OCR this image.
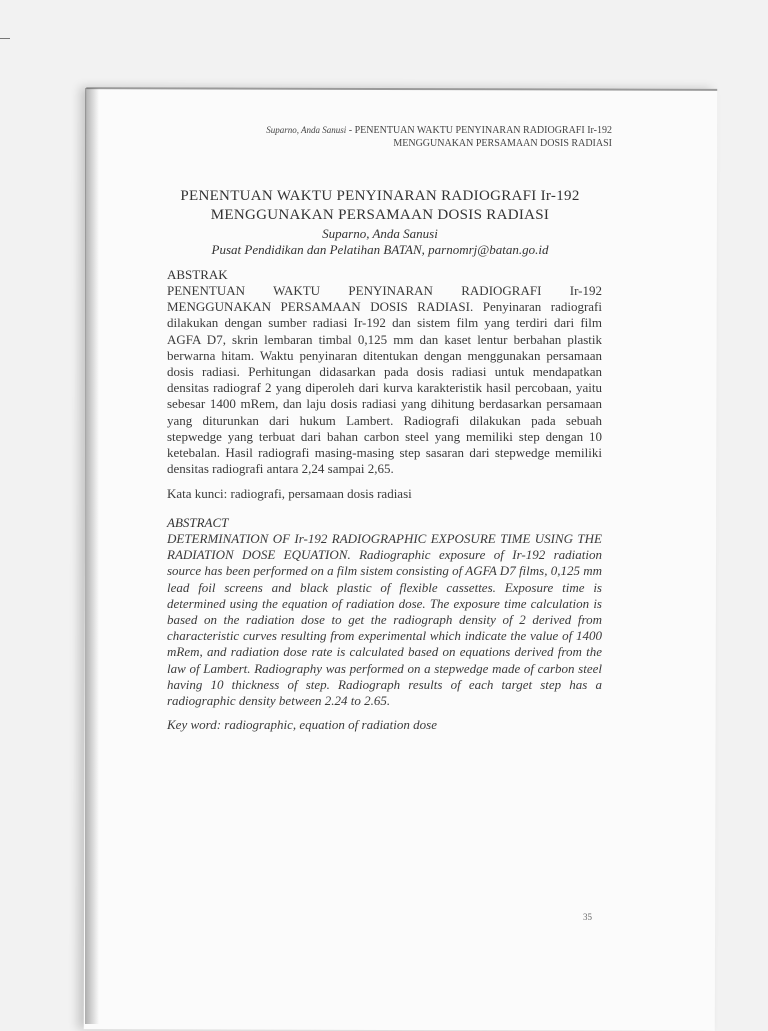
Suparno, Anda Sanusi - PENENTUAN WAKTU PENYINARAN RADIOGRAFI Ir-192
MENGGUNAKAN PERSAMAAN DOSIS RADIASI
PENENTUAN WAKTU PENYINARAN RADIOGRAFI Ir-192
MENGGUNAKAN PERSAMAAN DOSIS RADIASI
Suparno, Anda Sanusi
Pusat Pendidikan dan Pelatihan BATAN, parnomrj@batan.go.id
ABSTRAK
PENENTUAN WAKTU PENYINARAN RADIOGRAFI Ir-192 MENGGUNAKAN PERSAMAAN DOSIS RADIASI. Penyinaran radiografi dilakukan dengan sumber radiasi Ir-192 dan sistem film yang terdiri dari film AGFA D7, skrin lembaran timbal 0,125 mm dan kaset lentur berbahan plastik berwarna hitam. Waktu penyinaran ditentukan dengan menggunakan persamaan dosis radiasi. Perhitungan didasarkan pada dosis radiasi untuk mendapatkan densitas radiograf 2 yang diperoleh dari kurva karakteristik hasil percobaan, yaitu sebesar 1400 mRem, dan laju dosis radiasi yang dihitung berdasarkan persamaan yang diturunkan dari hukum Lambert. Radiografi dilakukan pada sebuah stepwedge yang terbuat dari bahan carbon steel yang memiliki step dengan 10 ketebalan. Hasil radiografi masing-masing step sasaran dari stepwedge memiliki densitas radiografi antara 2,24 sampai 2,65.
Kata kunci: radiografi, persamaan dosis radiasi
ABSTRACT
DETERMINATION OF Ir-192 RADIOGRAPHIC EXPOSURE TIME USING THE RADIATION DOSE EQUATION. Radiographic exposure of Ir-192 radiation source has been performed on a film sistem consisting of AGFA D7 films, 0,125 mm lead foil screens and black plastic of flexible cassettes. Exposure time is determined using the equation of radiation dose. The exposure time calculation is based on the radiation dose to get the radiograph density of 2 derived from characteristic curves resulting from experimental which indicate the value of 1400 mRem, and radiation dose rate is calculated based on equations derived from the law of Lambert. Radiography was performed on a stepwedge made of carbon steel having 10 thickness of step. Radiograph results of each target step has a radiographic density between 2.24 to 2.65.
Key word: radiographic, equation of radiation dose
35
